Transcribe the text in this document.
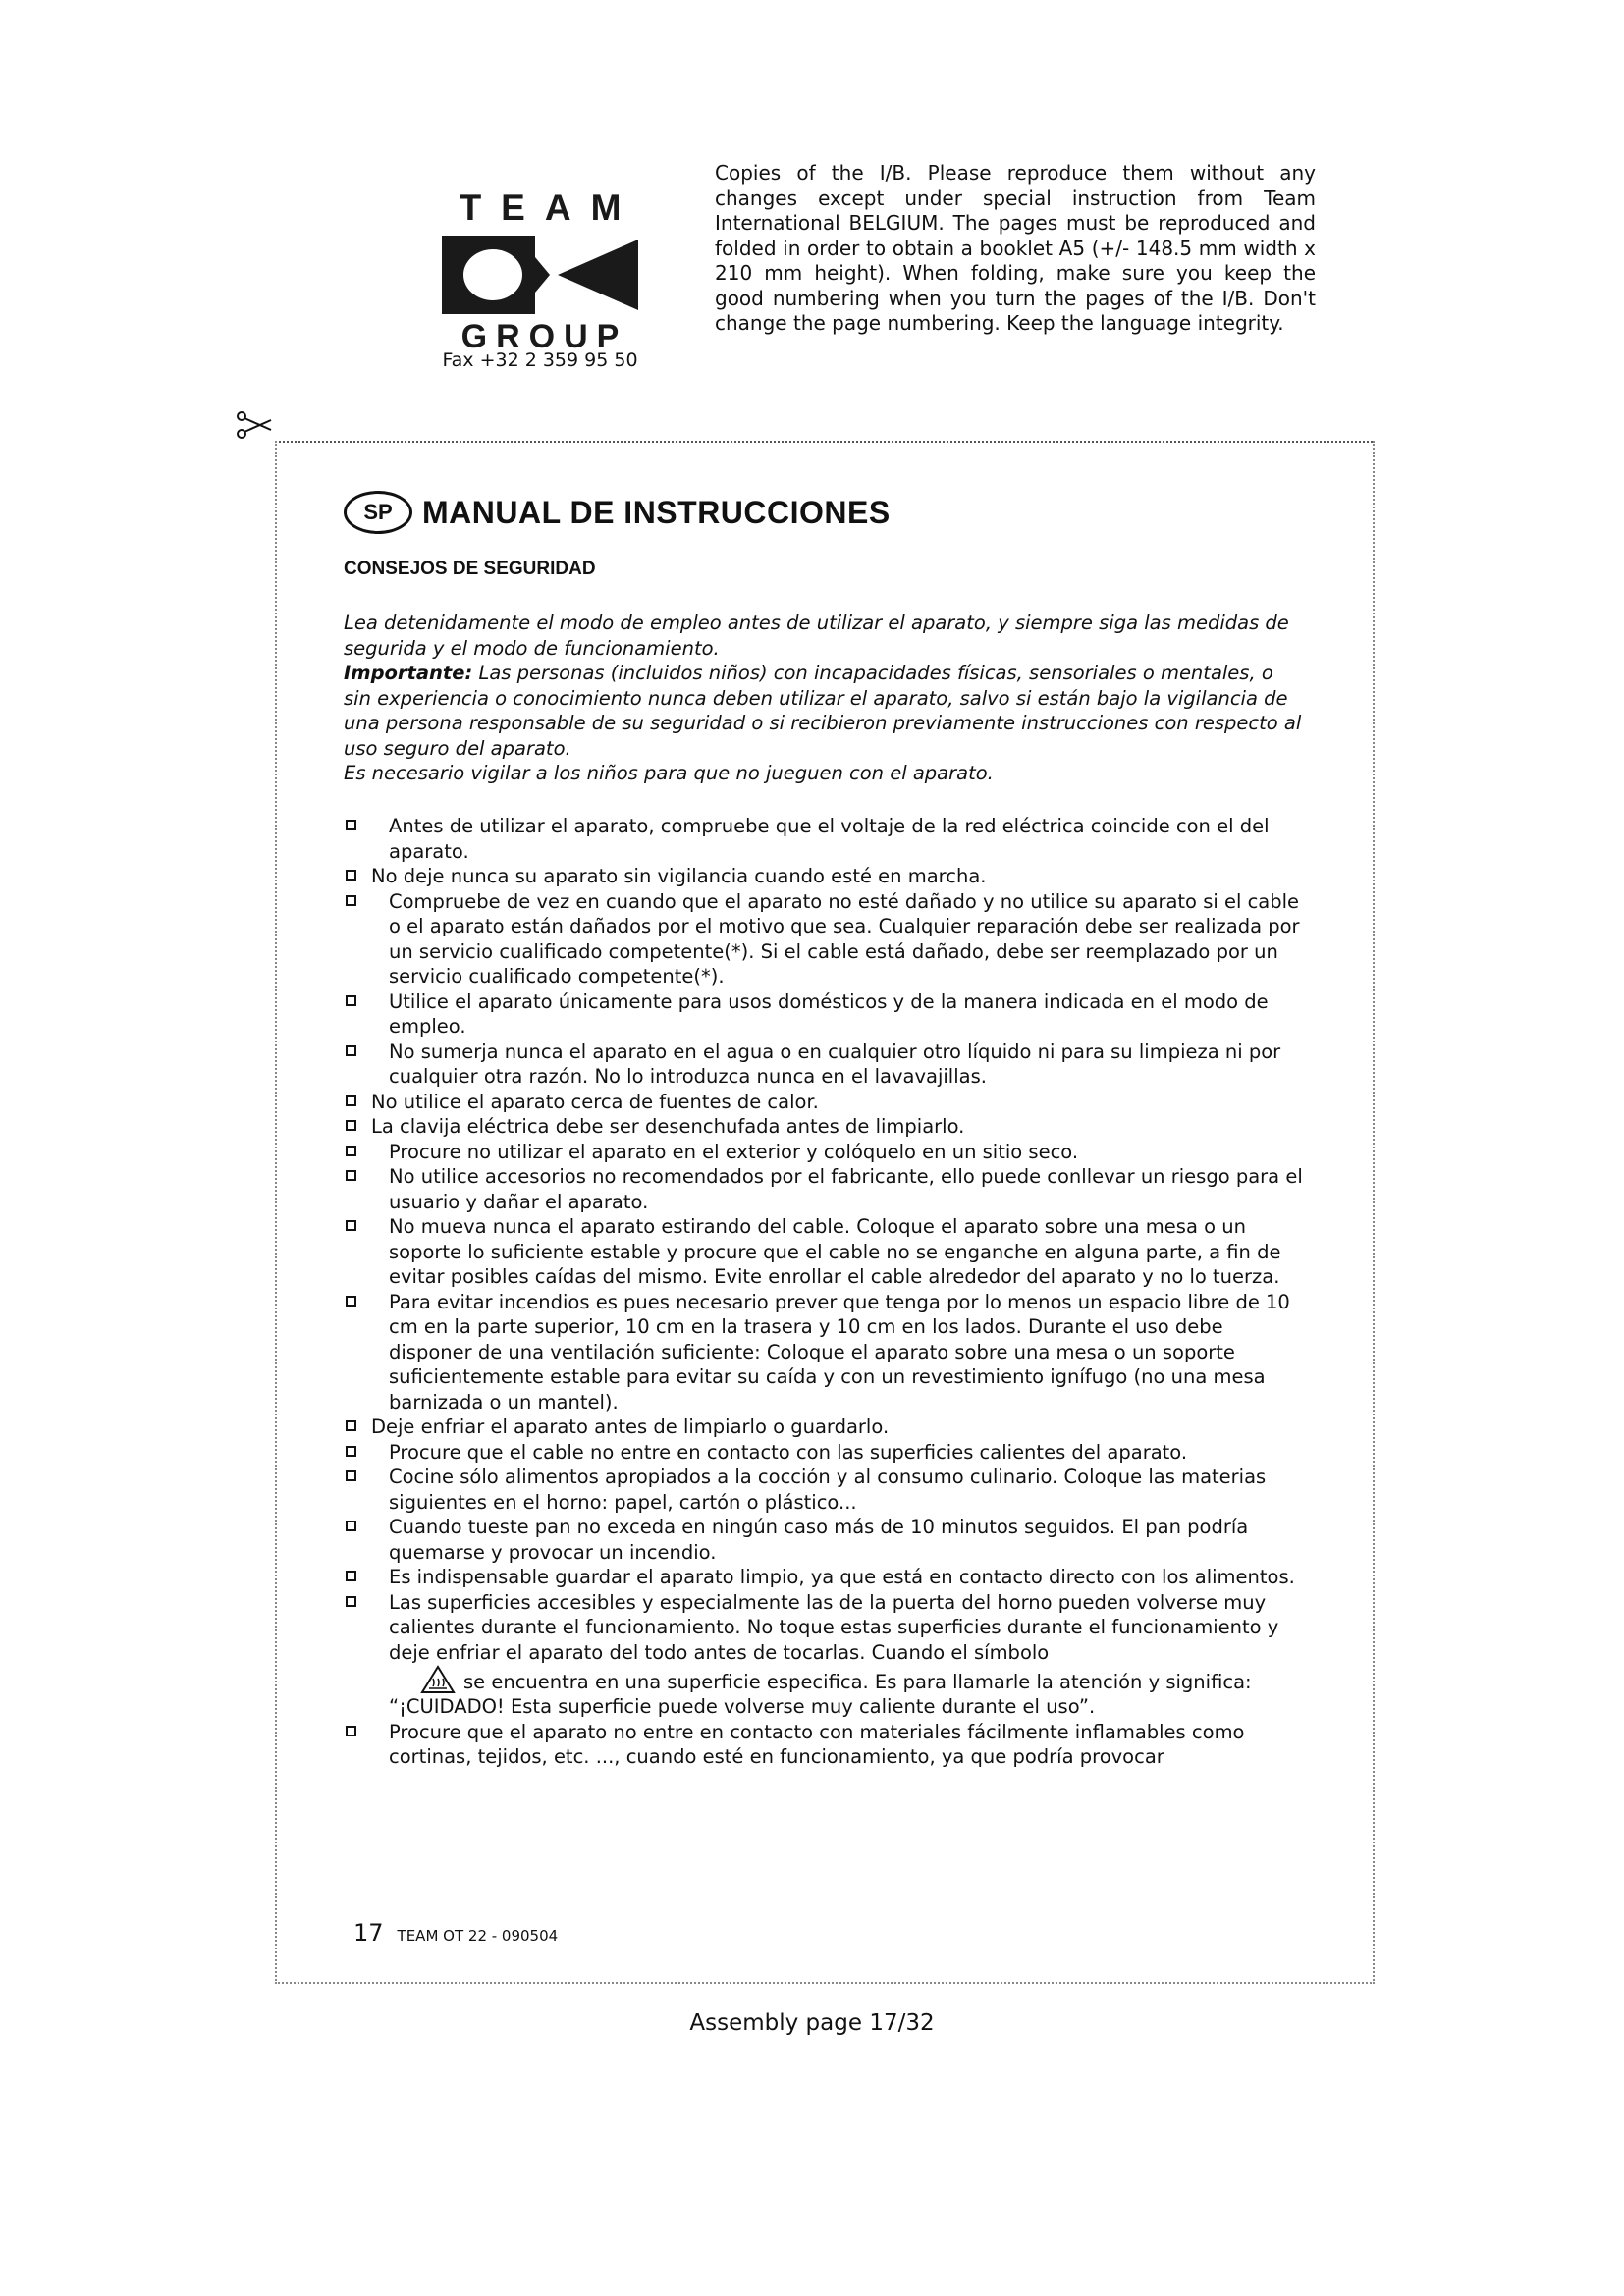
TEAM
GROUP
Fax +32 2 359 95 50
Copies of the I/B. Please reproduce them without any changes except under special instruction from Team International BELGIUM. The pages must be reproduced and folded in order to obtain a booklet A5 (+/- 148.5 mm width x 210 mm height). When folding, make sure you keep the good numbering when you turn the pages of the I/B. Don't change the page numbering. Keep the language integrity.
SP MANUAL DE INSTRUCCIONES
CONSEJOS DE SEGURIDAD

Lea detenidamente el modo de empleo antes de utilizar el aparato, y siempre siga las medidas de segurida y el modo de funcionamiento.

Importante: Las personas (incluidos niños) con incapacidades físicas, sensoriales o mentales, o sin experiencia o conocimiento nunca deben utilizar el aparato, salvo si están bajo la vigilancia de una persona responsable de su seguridad o si recibieron previamente instrucciones con respecto al uso seguro del aparato.

Es necesario vigilar a los niños para que no jueguen con el aparato.

Antes de utilizar el aparato, compruebe que el voltaje de la red eléctrica coincide con el del aparato.
No deje nunca su aparato sin vigilancia cuando esté en marcha.
Compruebe de vez en cuando que el aparato no esté dañado y no utilice su aparato si el cable o el aparato están dañados por el motivo que sea. Cualquier reparación debe ser realizada por un servicio cualificado competente(*). Si el cable está dañado, debe ser reemplazado por un servicio cualificado competente(*).
Utilice el aparato únicamente para usos domésticos y de la manera indicada en el modo de empleo.
No sumerja nunca el aparato en el agua o en cualquier otro líquido ni para su limpieza ni por cualquier otra razón. No lo introduzca nunca en el lavavajillas.
No utilice el aparato cerca de fuentes de calor.
La clavija eléctrica debe ser desenchufada antes de limpiarlo.
Procure no utilizar el aparato en el exterior y colóquelo en un sitio seco.
No utilice accesorios no recomendados por el fabricante, ello puede conllevar un riesgo para el usuario y dañar el aparato.
No mueva nunca el aparato estirando del cable. Coloque el aparato sobre una mesa o un soporte lo suficiente estable y procure que el cable no se enganche en alguna parte, a fin de evitar posibles caídas del mismo. Evite enrollar el cable alrededor del aparato y no lo tuerza.
Para evitar incendios es pues necesario prever que tenga por lo menos un espacio libre de 10 cm en la parte superior, 10 cm en la trasera y 10 cm en los lados. Durante el uso debe disponer de una ventilación suficiente: Coloque el aparato sobre una mesa o un soporte suficientemente estable para evitar su caída y con un revestimiento ignífugo (no una mesa barnizada o un mantel).
Deje enfriar el aparato antes de limpiarlo o guardarlo.
Procure que el cable no entre en contacto con las superficies calientes del aparato.
Cocine sólo alimentos apropiados a la cocción y al consumo culinario. Coloque las materias siguientes en el horno: papel, cartón o plástico...
Cuando tueste pan no exceda en ningún caso más de 10 minutos seguidos. El pan podría quemarse y provocar un incendio.
Es indispensable guardar el aparato limpio, ya que está en contacto directo con los alimentos.
Las superficies accesibles y especialmente las de la puerta del horno pueden volverse muy calientes durante el funcionamiento. No toque estas superficies durante el funcionamiento y deje enfriar el aparato del todo antes de tocarlas. Cuando el símbolo
se encuentra en una superficie especifica. Es para llamarle la atención y significa:
“¡CUIDADO! Esta superficie puede volverse muy caliente durante el uso”.
Procure que el aparato no entre en contacto con materiales fácilmente inflamables como cortinas, tejidos, etc. ..., cuando esté en funcionamiento, ya que podría provocar
17 TEAM OT 22 - 090504
Assembly page 17/32
